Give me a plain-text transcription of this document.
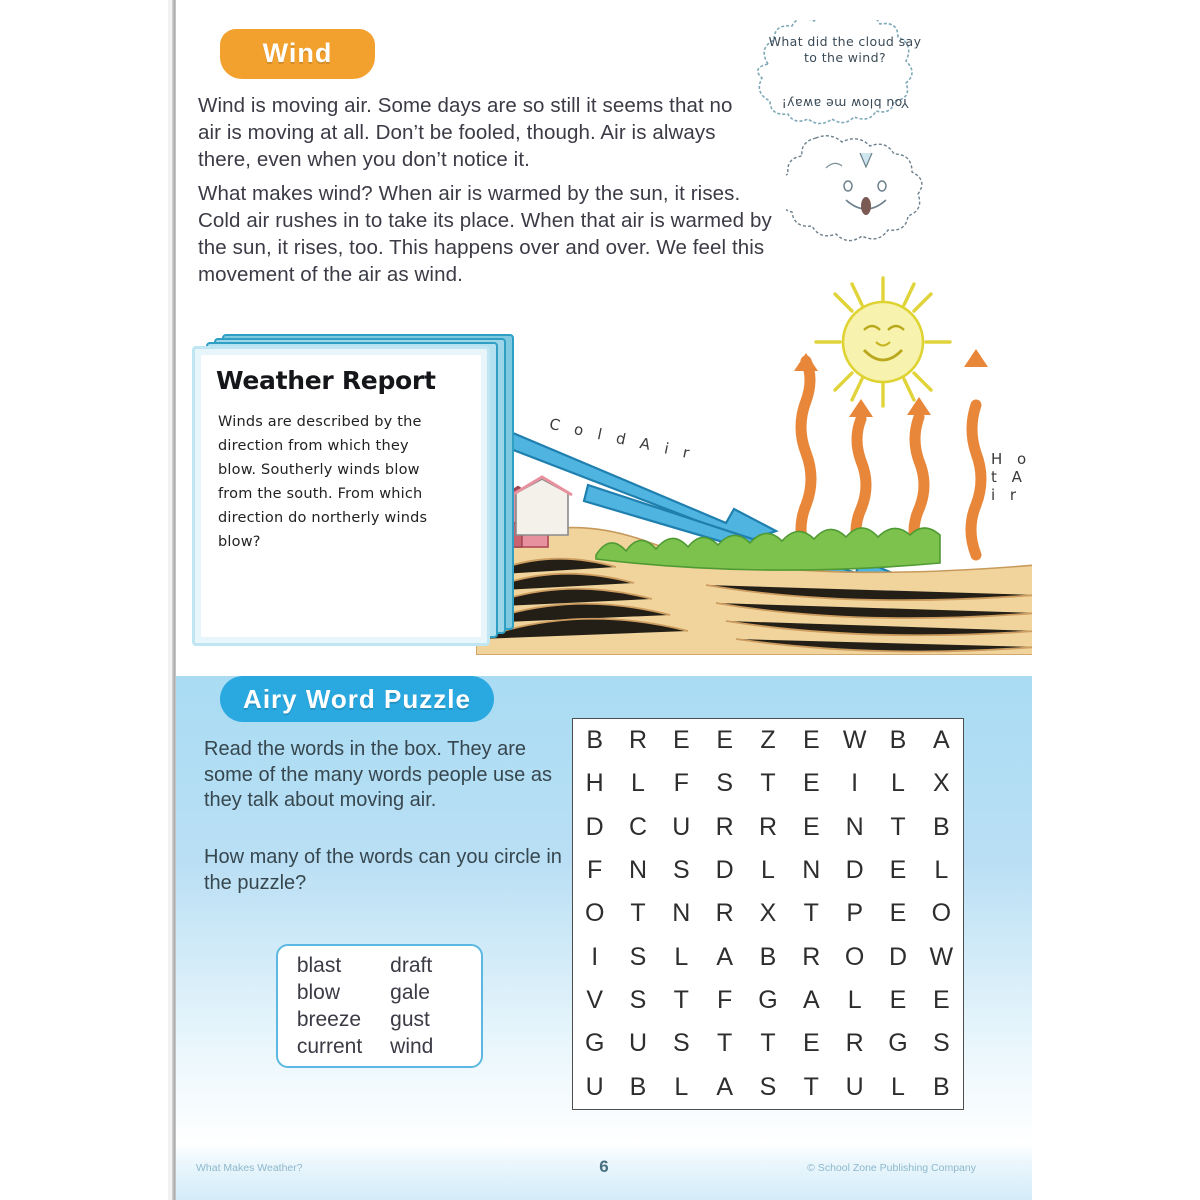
Wind
Wind is moving air. Some days are so still it seems that no air is moving at all. Don’t be fooled, though. Air is always there, even when you don’t notice it.
What makes wind? When air is warmed by the sun, it rises. Cold air rushes in to take its place. When that air is warmed by the sun, it rises, too. This happens over and over. We feel this movement of the air as wind.
What did the cloud say to the wind?
You blow me away!
C o l d A i r	H o t A i r
Weather Report
Winds are described by the direction from which they blow. Southerly winds blow from the south. From which direction do northerly winds blow?
Airy Word Puzzle
Read the words in the box. They are some of the many words people use as they talk about moving air.
How many of the words can you circle in the puzzle?
blast
blow
breeze
current
draft
gale
gust
wind
B	R	E	E	Z	E W B	A
H	L	F	S	T	E	I	L	X
D	C	U	R	R	E	N	T	B
F	N	S	D	L	N	D	E	L
O	T	N	R	X	T	P	E	O
I	S	L	A	B	R O D W
V	S	T	F	G	A	L	E	E
G U	S	T	T	E	R G	S
U	B	L	A	S	T	U	L	B
What Makes Weather?	6	© School Zone Publishing Company
